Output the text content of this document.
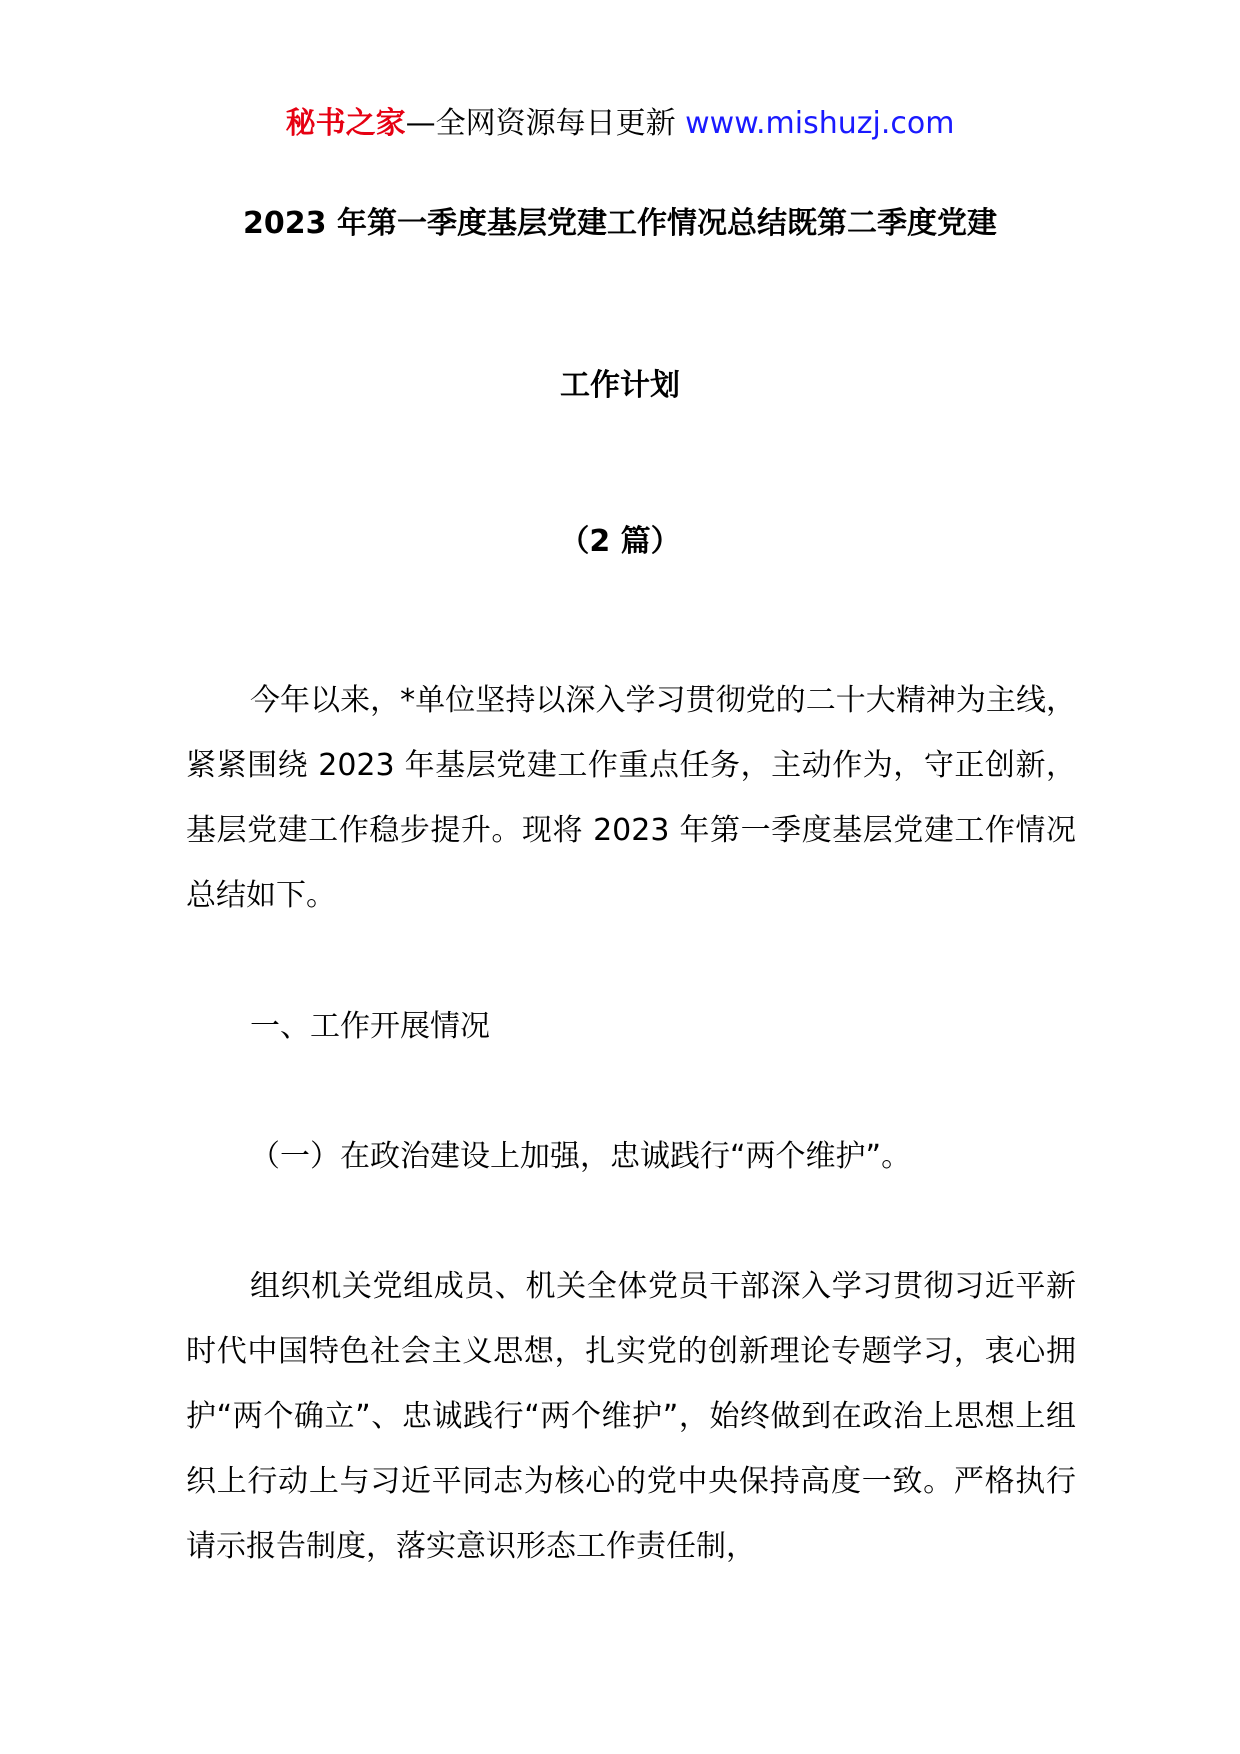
秘书之家—全网资源每日更新 www.mishuzj.com
2023 年第一季度基层党建工作情况总结既第二季度党建
工作计划
（2 篇）

今年以来，*单位坚持以深入学习贯彻党的二十大精神为主线，紧紧围绕 2023 年基层党建工作重点任务，主动作为，守正创新，基层党建工作稳步提升。现将 2023 年第一季度基层党建工作情况总结如下。

一、工作开展情况

（一）在政治建设上加强，忠诚践行“两个维护”。

组织机关党组成员、机关全体党员干部深入学习贯彻习近平新时代中国特色社会主义思想，扎实党的创新理论专题学习，衷心拥护“两个确立”、忠诚践行“两个维护”，始终做到在政治上思想上组织上行动上与习近平同志为核心的党中央保持高度一致。严格执行请示报告制度，落实意识形态工作责任制，
